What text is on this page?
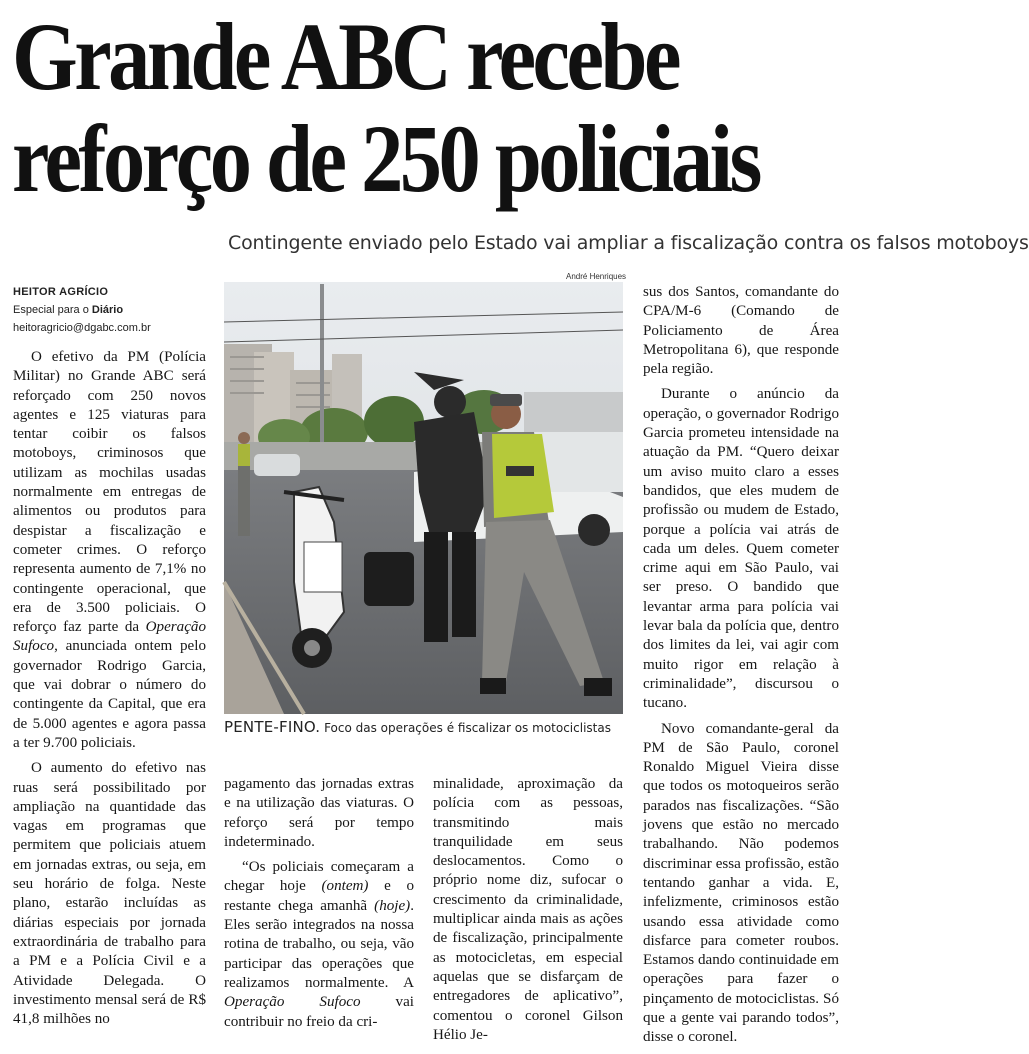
Grande ABC recebe
reforço de 250 policiais
Contingente enviado pelo Estado vai ampliar a fiscalização contra os falsos motoboys
HEITOR AGRÍCIO
Especial para o Diário
heitoragricio@dgabc.com.br
André Henriques
PENTE-FINO. Foco das operações é fiscalizar os motociclistas

O efetivo da PM (Polícia Militar) no Grande ABC será reforçado com 250 novos agentes e 125 viaturas para tentar coibir os falsos motoboys, criminosos que utilizam as mochilas usadas normalmente em entregas de alimentos ou produtos para despistar a fiscalização e cometer crimes. O reforço representa aumento de 7,1% no contingente operacional, que era de 3.500 policiais. O reforço faz parte da Operação Sufoco, anunciada ontem pelo governador Rodrigo Garcia, que vai dobrar o número do contingente da Capital, que era de 5.000 agentes e agora passa a ter 9.700 policiais.

O aumento do efetivo nas ruas será possibilitado por ampliação na quantidade das vagas em programas que permitem que policiais atuem em jornadas extras, ou seja, em seu horário de folga. Neste plano, estarão incluídas as diárias especiais por jornada extraordinária de trabalho para a PM e a Polícia Civil e a Atividade Delegada. O investimento mensal será de R$ 41,8 milhões no

pagamento das jornadas extras e na utilização das viaturas. O reforço será por tempo indeterminado.

“Os policiais começaram a chegar hoje (ontem) e o restante chega amanhã (hoje). Eles serão integrados na nossa rotina de trabalho, ou seja, vão participar das operações que realizamos normalmente. A Operação Sufoco vai contribuir no freio da cri-

minalidade, aproximação da polícia com as pessoas, transmitindo mais tranquilidade em seus deslocamentos. Como o próprio nome diz, sufocar o crescimento da criminalidade, multiplicar ainda mais as ações de fiscalização, principalmente as motocicletas, em especial aquelas que se disfarçam de entregadores de aplicativo”, comentou o coronel Gilson Hélio Je-

sus dos Santos, comandante do CPA/M-6 (Comando de Policiamento de Área Metropolitana 6), que responde pela região.

Durante o anúncio da operação, o governador Rodrigo Garcia prometeu intensidade na atuação da PM. “Quero deixar um aviso muito claro a esses bandidos, que eles mudem de profissão ou mudem de Estado, porque a polícia vai atrás de cada um deles. Quem cometer crime aqui em São Paulo, vai ser preso. O bandido que levantar arma para polícia vai levar bala da polícia que, dentro dos limites da lei, vai agir com muito rigor em relação à criminalidade”, discursou o tucano.

Novo comandante-geral da PM de São Paulo, coronel Ronaldo Miguel Vieira disse que todos os motoqueiros serão parados nas fiscalizações. “São jovens que estão no mercado trabalhando. Não podemos discriminar essa profissão, estão tentando ganhar a vida. E, infelizmente, criminosos estão usando essa atividade como disfarce para cometer roubos. Estamos dando continuidade em operações para fazer o pinçamento de motociclistas. Só que a gente vai parando todos”, disse o coronel.
